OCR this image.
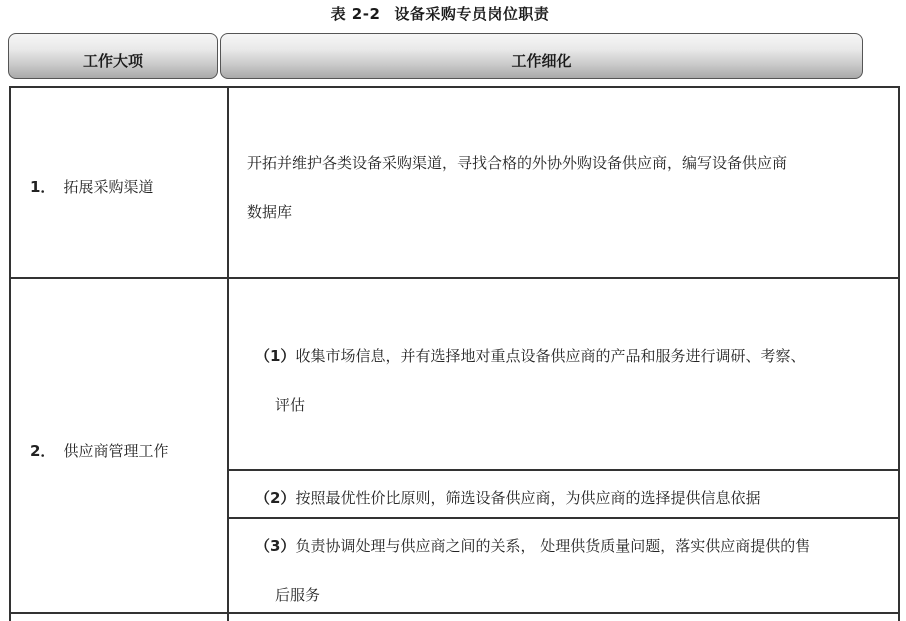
表 2-2 设备采购专员岗位职责
工作大项	工作细化
1． 拓展采购渠道
开拓并维护各类设备采购渠道，寻找合格的外协外购设备供应商，编写设备供应商
数据库
2． 供应商管理工作
（1）收集市场信息，并有选择地对重点设备供应商的产品和服务进行调研、考察、
评估
（2）按照最优性价比原则，筛选设备供应商，为供应商的选择提供信息依据
（3）负责协调处理与供应商之间的关系， 处理供货质量问题，落实供应商提供的售
后服务
